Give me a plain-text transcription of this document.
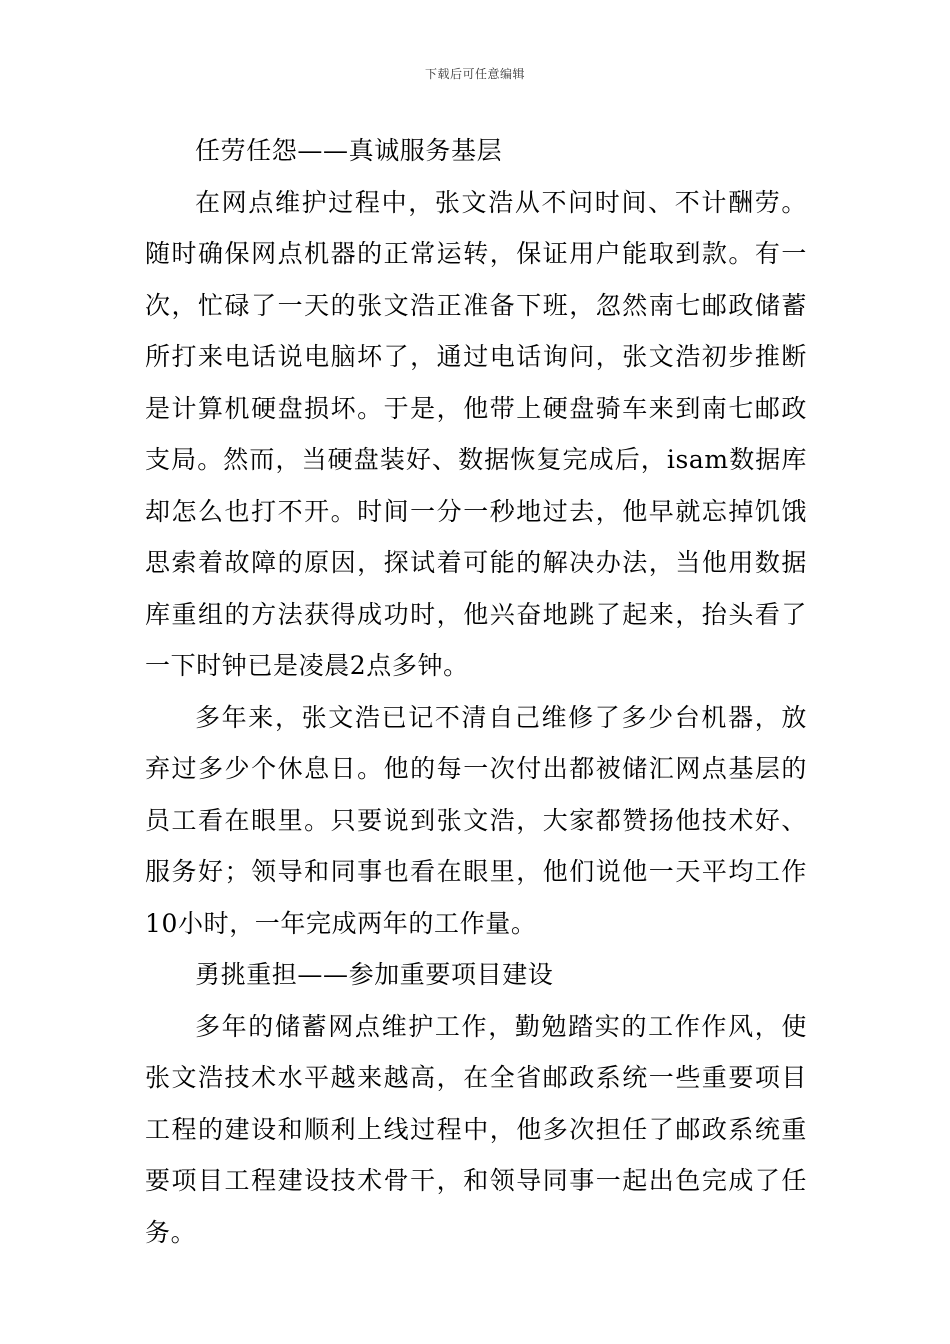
下载后可任意编辑

任劳任怨——真诚服务基层

在网点维护过程中，张文浩从不问时间、不计酬劳。随时确保网点机器的正常运转，保证用户能取到款。有一次，忙碌了一天的张文浩正准备下班，忽然南七邮政储蓄所打来电话说电脑坏了，通过电话询问，张文浩初步推断是计算机硬盘损坏。于是，他带上硬盘骑车来到南七邮政支局。然而，当硬盘装好、数据恢复完成后，isam数据库却怎么也打不开。时间一分一秒地过去，他早就忘掉饥饿思索着故障的原因，探试着可能的解决办法，当他用数据库重组的方法获得成功时，他兴奋地跳了起来，抬头看了一下时钟已是凌晨2点多钟。

多年来，张文浩已记不清自己维修了多少台机器，放弃过多少个休息日。他的每一次付出都被储汇网点基层的员工看在眼里。只要说到张文浩，大家都赞扬他技术好、服务好；领导和同事也看在眼里，他们说他一天平均工作10小时，一年完成两年的工作量。

勇挑重担——参加重要项目建设

多年的储蓄网点维护工作，勤勉踏实的工作作风，使张文浩技术水平越来越高，在全省邮政系统一些重要项目工程的建设和顺利上线过程中，他多次担任了邮政系统重要项目工程建设技术骨干，和领导同事一起出色完成了任务。
